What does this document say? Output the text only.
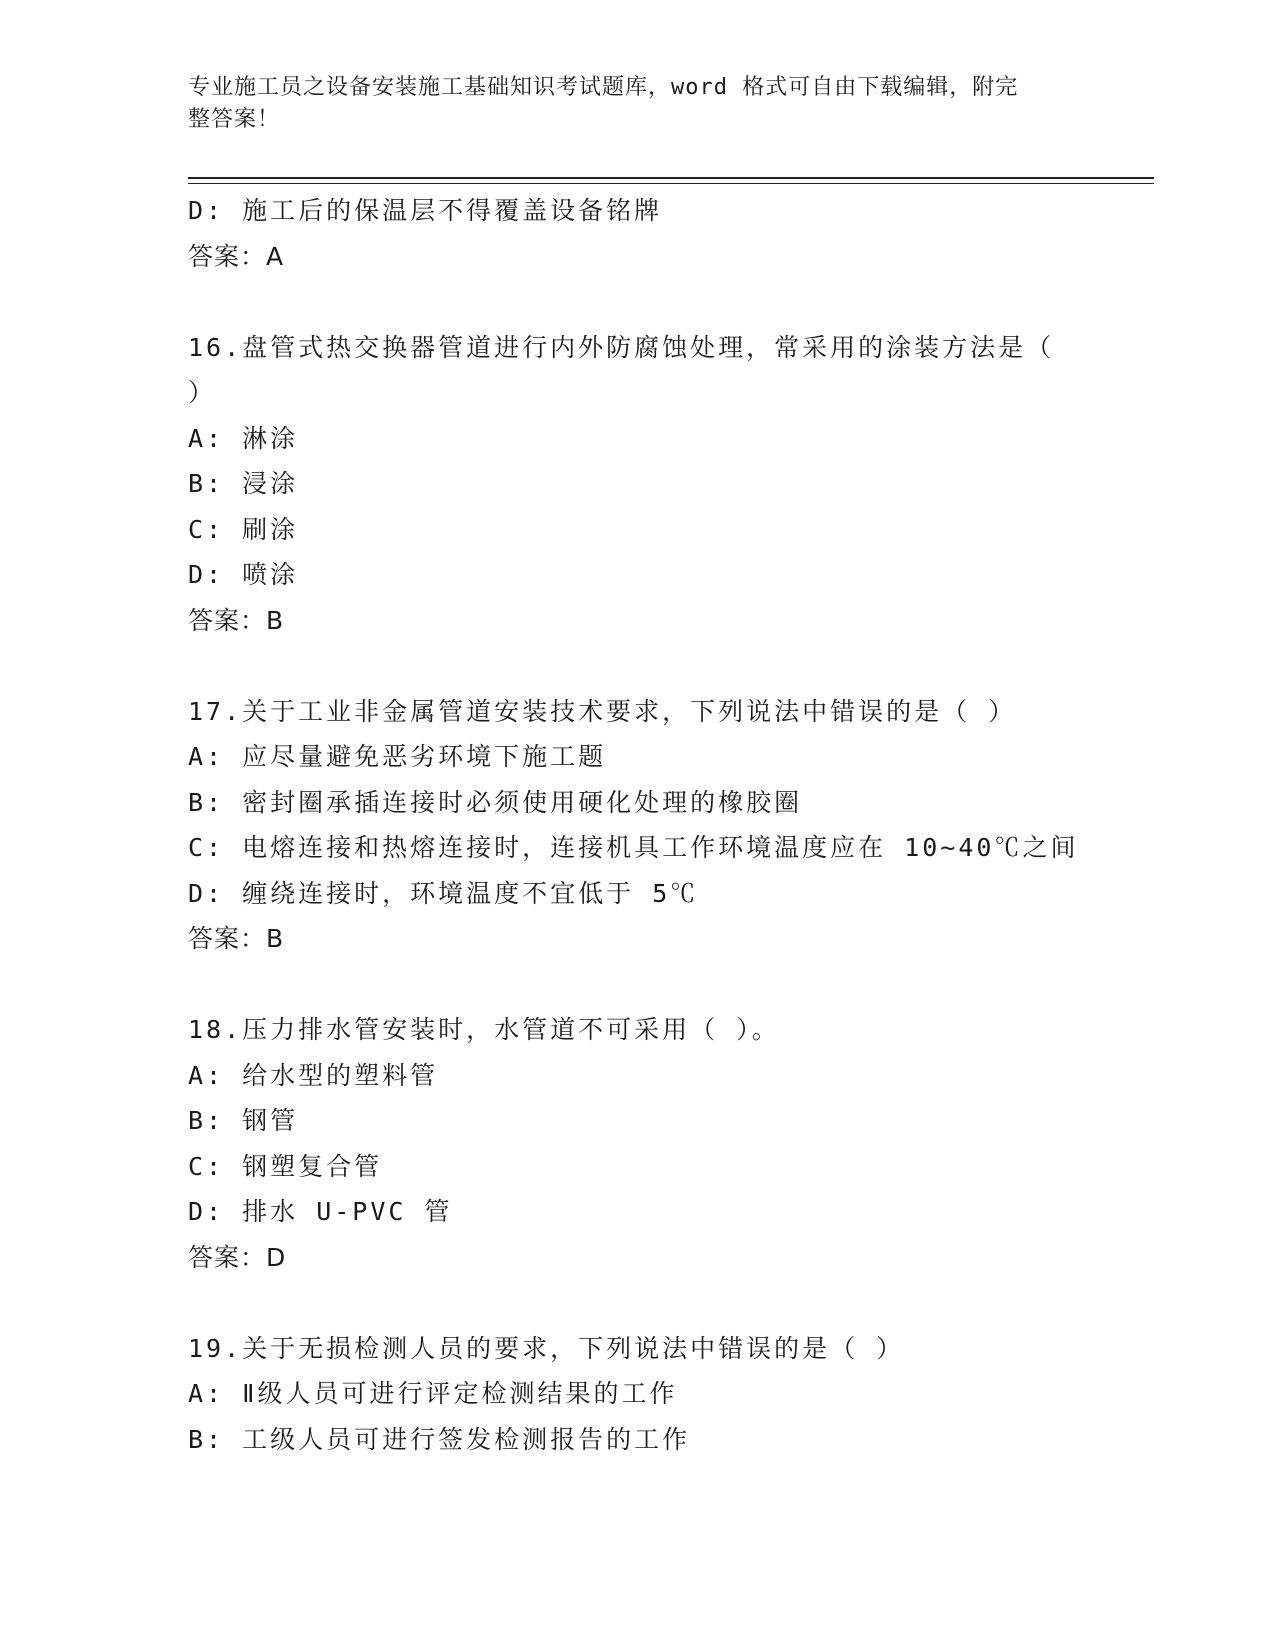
专业施工员之设备安装施工基础知识考试题库，word 格式可自由下载编辑，附完
整答案！
D: 施工后的保温层不得覆盖设备铭牌
答案：A
16.盘管式热交换器管道进行内外防腐蚀处理，常采用的涂装方法是（
）
A: 淋涂
B: 浸涂
C: 刷涂
D: 喷涂
答案：B
17.关于工业非金属管道安装技术要求，下列说法中错误的是（ ）
A: 应尽量避免恶劣环境下施工题
B: 密封圈承插连接时必须使用硬化处理的橡胶圈
C: 电熔连接和热熔连接时，连接机具工作环境温度应在 10~40℃之间
D: 缠绕连接时，环境温度不宜低于 5℃
答案：B
18.压力排水管安装时，水管道不可采用（ ）。
A: 给水型的塑料管
B: 钢管
C: 钢塑复合管
D: 排水 U-PVC 管
答案：D
19.关于无损检测人员的要求，下列说法中错误的是（ ）
A: Ⅱ级人员可进行评定检测结果的工作
B: 工级人员可进行签发检测报告的工作
